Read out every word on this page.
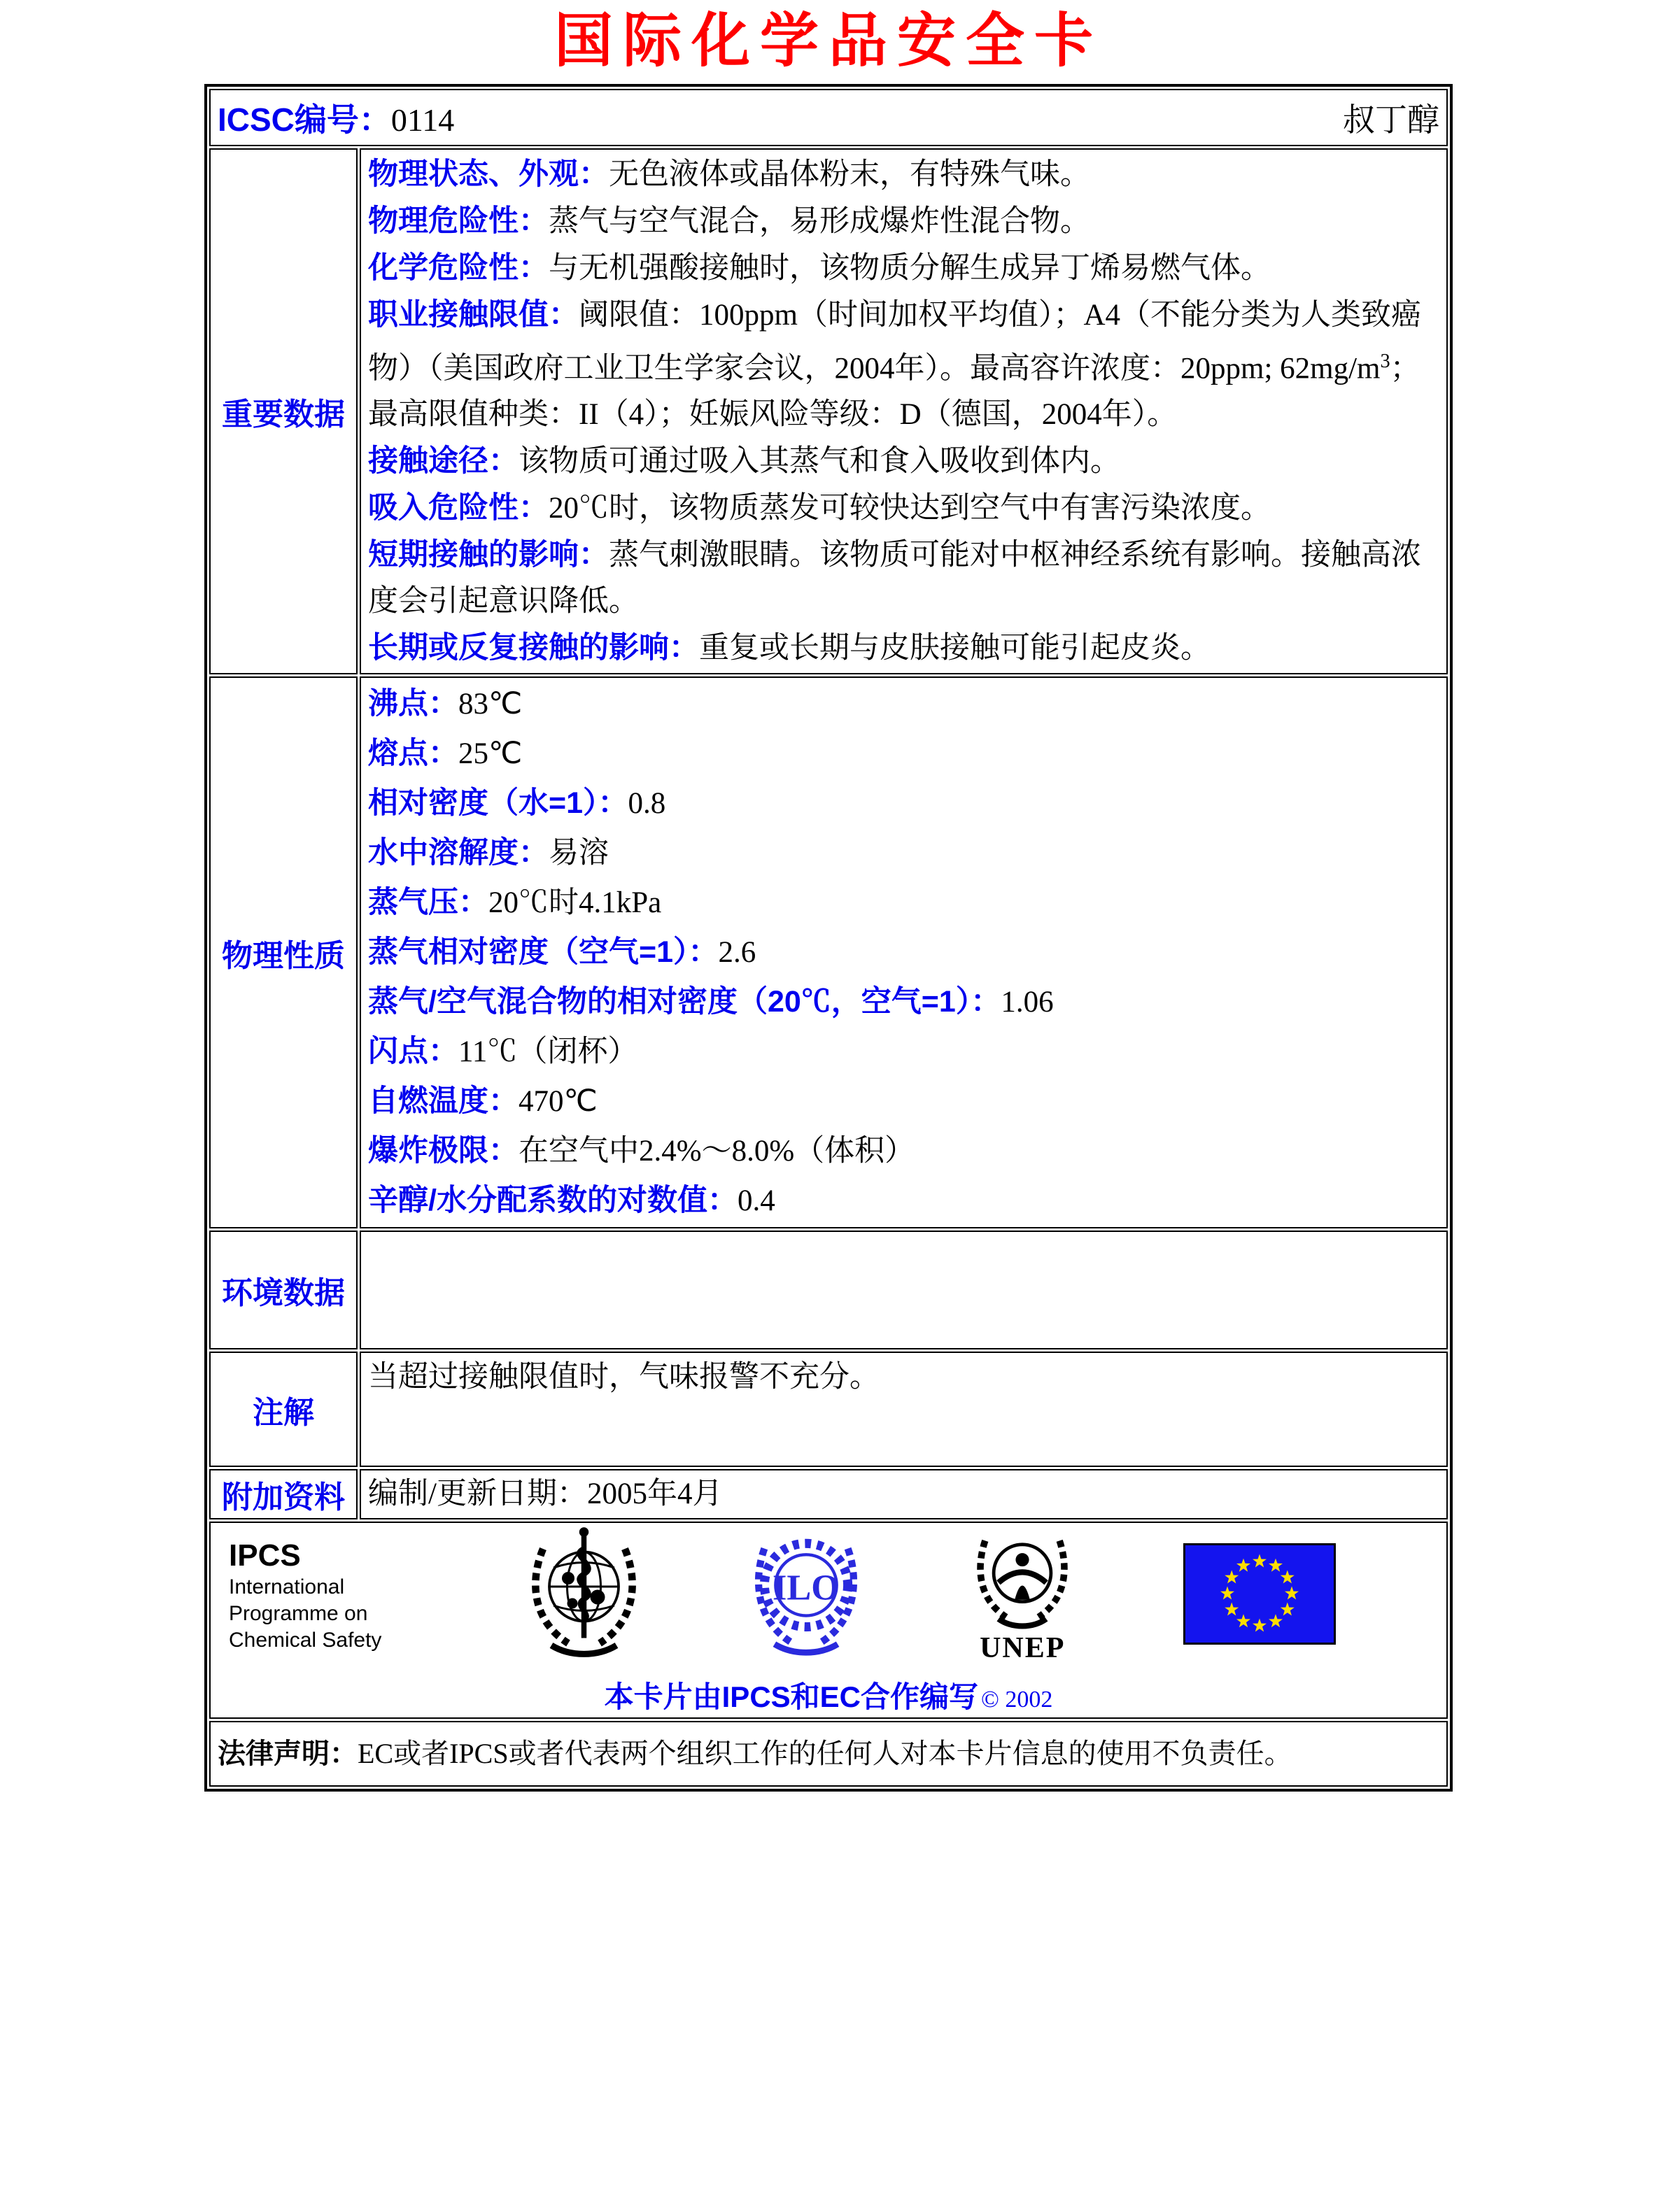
国际化学品安全卡
ICSC编号：0114 叔丁醇	

重要数据	
物理状态、外观：无色液体或晶体粉末，有特殊气味。
物理危险性：蒸气与空气混合，易形成爆炸性混合物。
化学危险性：与无机强酸接触时，该物质分解生成异丁烯易燃气体。
职业接触限值：阈限值：100ppm（时间加权平均值）；A4（不能分类为人类致癌物）（美国政府工业卫生学家会议，2004年）。最高容许浓度：20ppm; $62mg/m^3$；最高限值种类：II（4）；妊娠风险等级：D（德国，2004年）。
接触途径：该物质可通过吸入其蒸气和食入吸收到体内。
吸入危险性：20℃时，该物质蒸发可较快达到空气中有害污染浓度。
短期接触的影响：蒸气刺激眼睛。该物质可能对中枢神经系统有影响。接触高浓度会引起意识降低。
长期或反复接触的影响：重复或长期与皮肤接触可能引起皮炎。

物理性质	
沸点：83℃
熔点：25℃
相对密度（水=1）：0.8
水中溶解度：易溶
蒸气压：20℃时4.1kPa
蒸气相对密度（空气=1）：2.6
蒸气/空气混合物的相对密度（20℃，空气=1）：1.06
闪点：11℃（闭杯）
自燃温度：470℃
爆炸极限：在空气中2.4%～8.0%（体积）
辛醇/水分配系数的对数值：0.4

环境数据	

注解	当超过接触限值时，气味报警不充分。

附加资料	编制/更新日期：2005年4月

IPCS
International
Programme on
Chemical Safety
ILO
UNEP
本卡片由IPCS和EC合作编写 © 2002

法律声明：EC或者IPCS或者代表两个组织工作的任何人对本卡片信息的使用不负责任。	
